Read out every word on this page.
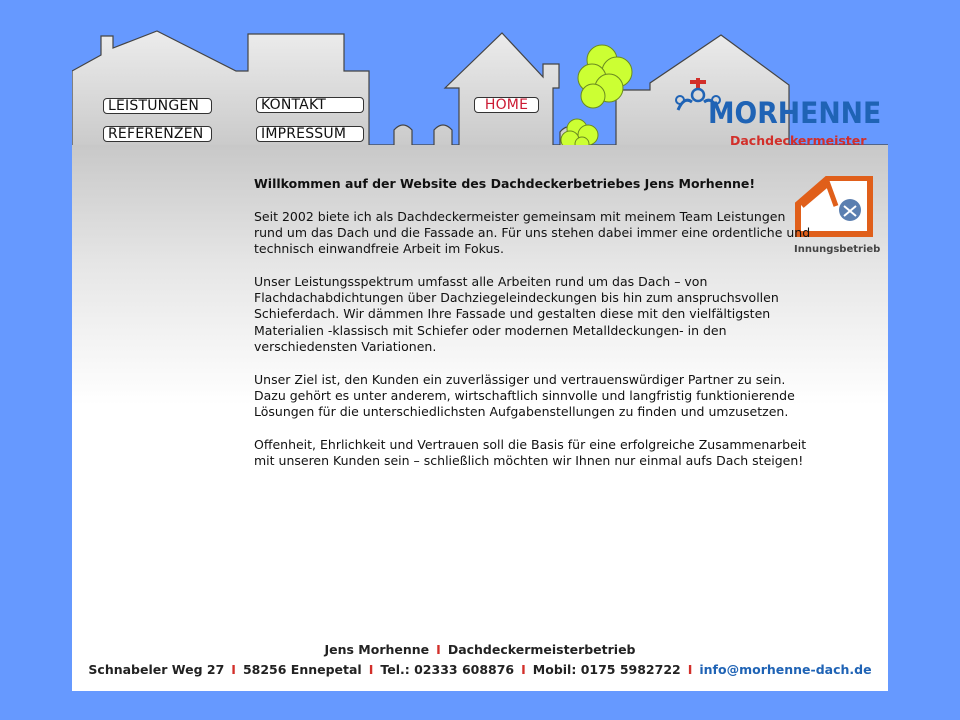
LEISTUNGEN	KONTAKT	HOME
REFERENZEN	IMPRESSUM
MORHENNE
Dachdeckermeister
Innungsbetrieb

Willkommen auf der Website des Dachdeckerbetriebes Jens Morhenne!

Seit 2002 biete ich als Dachdeckermeister gemeinsam mit meinem Team Leistungen rund um das Dach und die Fassade an. Für uns stehen dabei immer eine ordentliche und technisch einwandfreie Arbeit im Fokus.

Unser Leistungsspektrum umfasst alle Arbeiten rund um das Dach – von Flachdachabdichtungen über Dachziegeleindeckungen bis hin zum anspruchsvollen Schieferdach. Wir dämmen Ihre Fassade und gestalten diese mit den vielfältigsten Materialien -klassisch mit Schiefer oder modernen Metalldeckungen- in den verschiedensten Variationen.

Unser Ziel ist, den Kunden ein zuverlässiger und vertrauenswürdiger Partner zu sein. Dazu gehört es unter anderem, wirtschaftlich sinnvolle und langfristig funktionierende Lösungen für die unterschiedlichsten Aufgabenstellungen zu finden und umzusetzen.

Offenheit, Ehrlichkeit und Vertrauen soll die Basis für eine erfolgreiche Zusammenarbeit mit unseren Kunden sein – schließlich möchten wir Ihnen nur einmal aufs Dach steigen!

Jens Morhenne I Dachdeckermeisterbetrieb
Schnabeler Weg 27 I 58256 Ennepetal I Tel.: 02333 608876 I Mobil: 0175 5982722 I info@morhenne-dach.de
